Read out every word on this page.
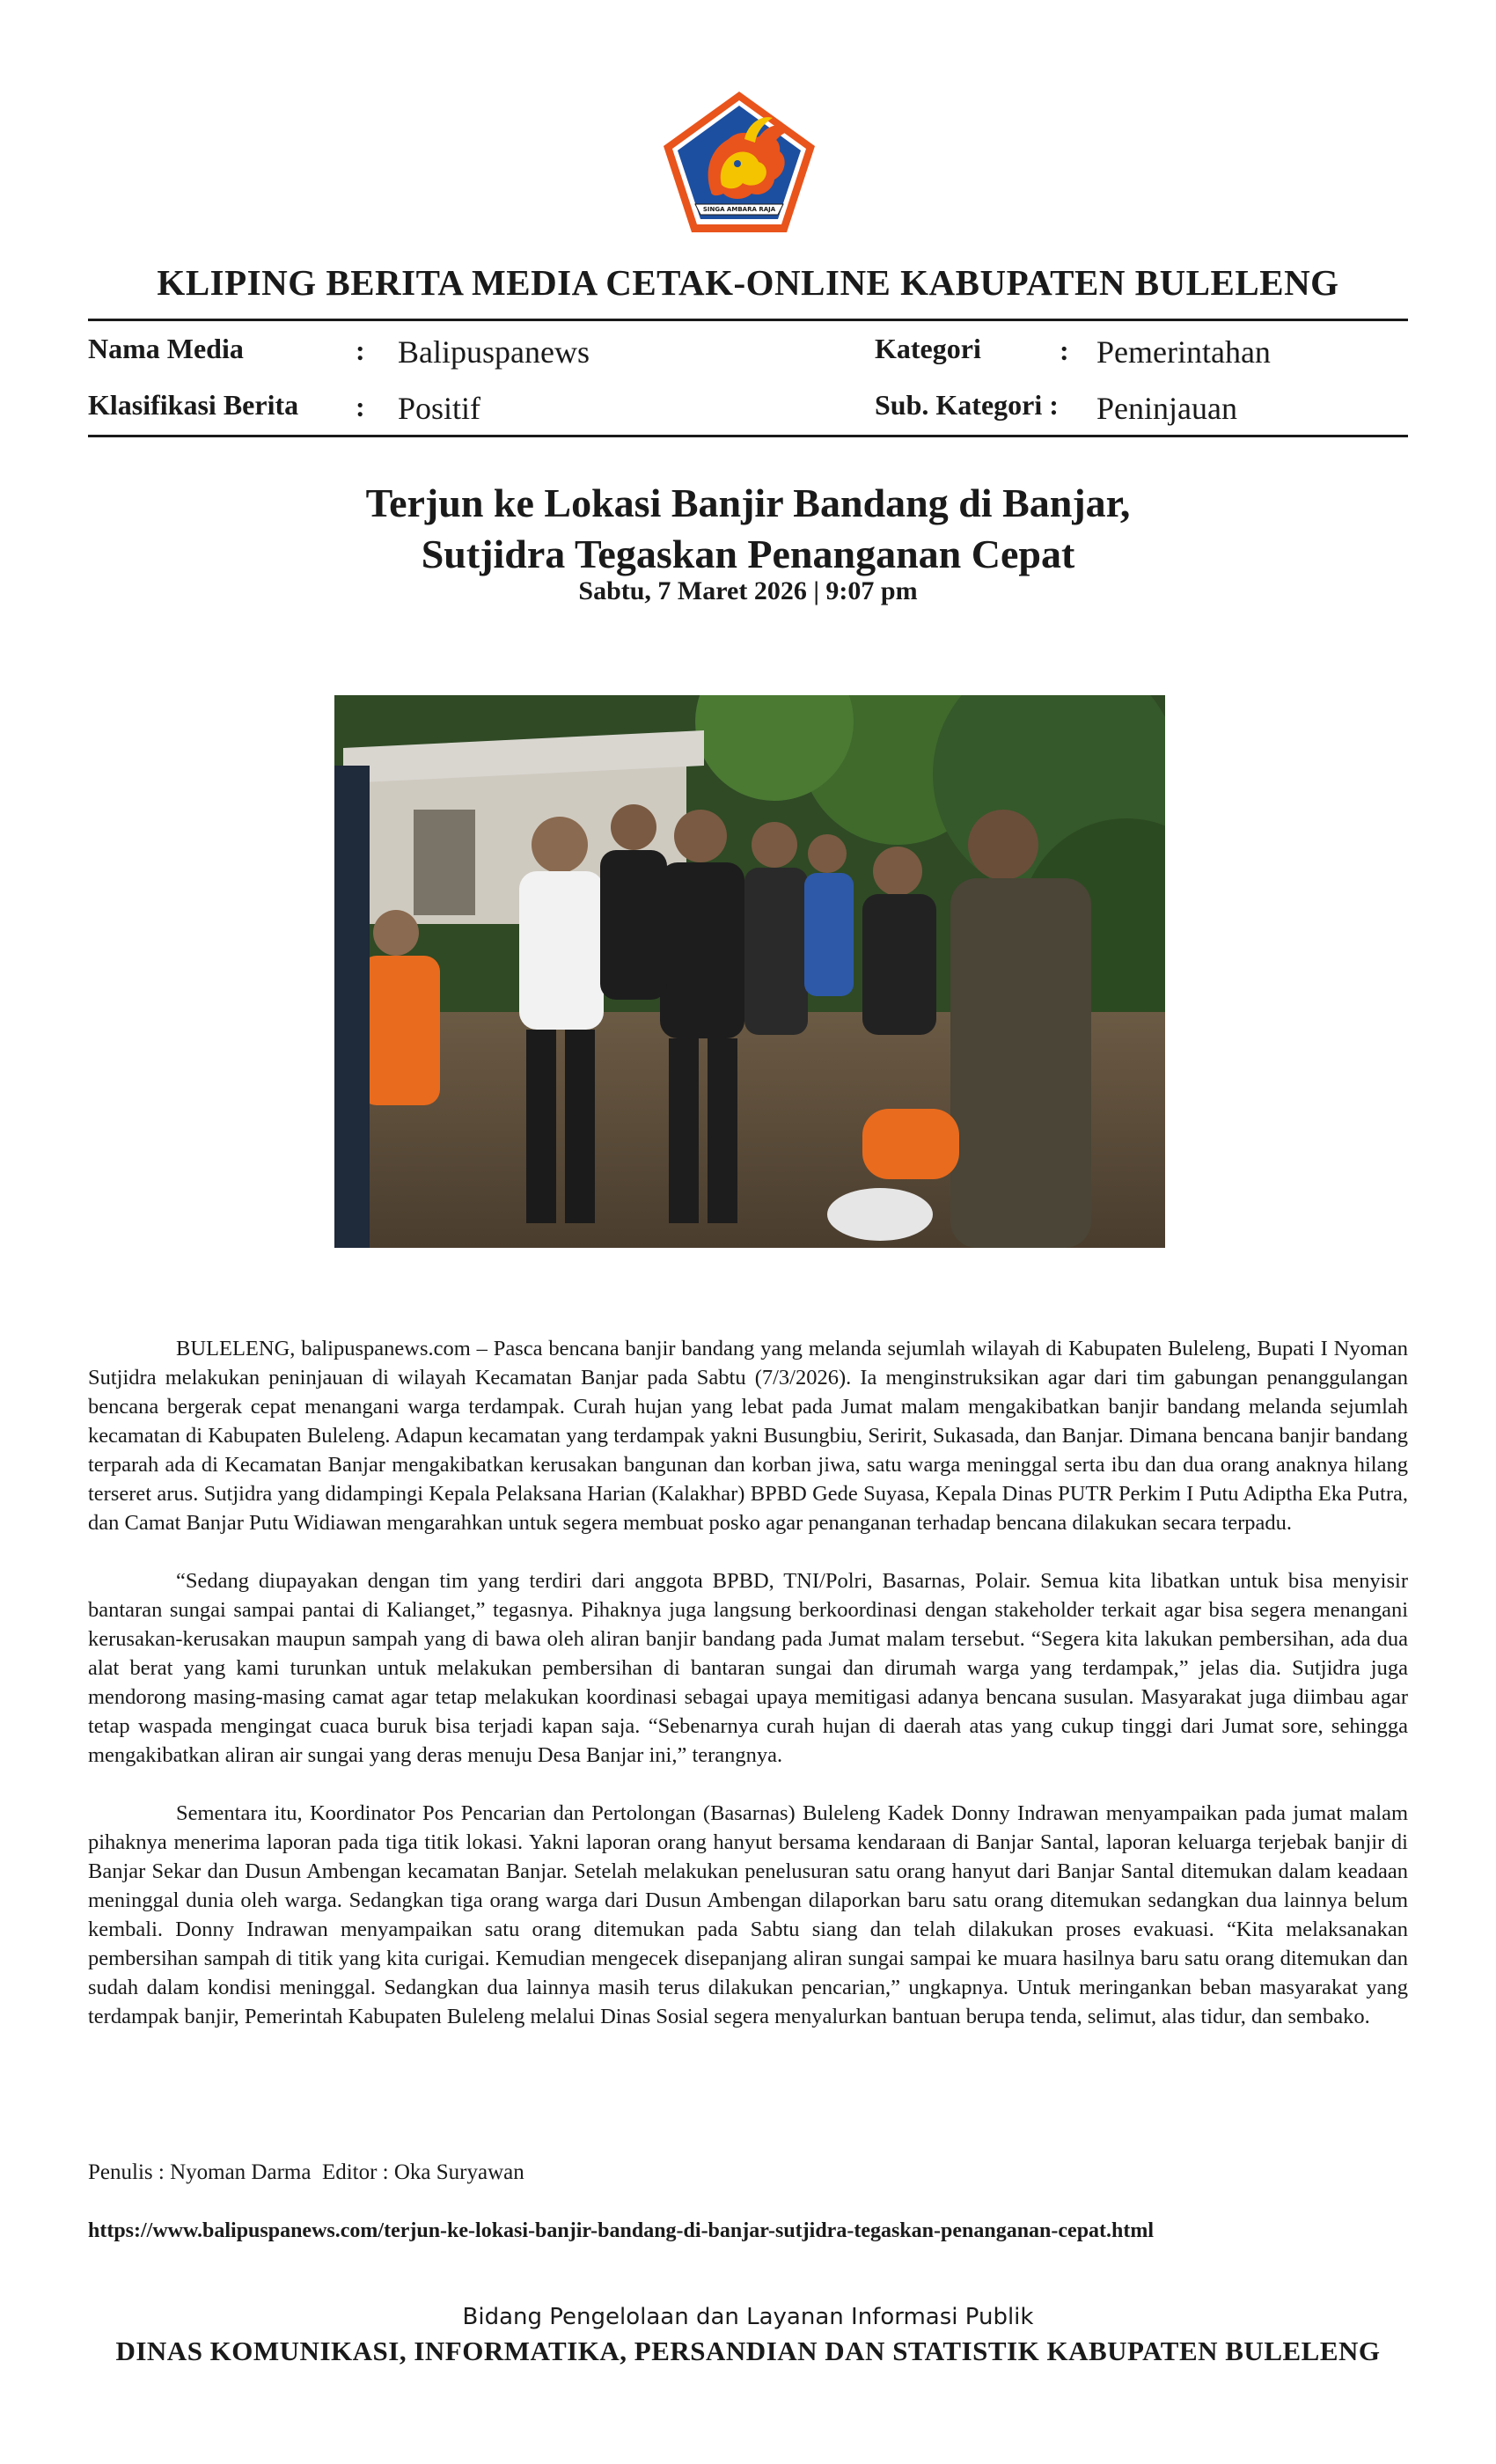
SINGA AMBARA RAJA
KLIPING BERITA MEDIA CETAK-ONLINE KABUPATEN BULELENG
Nama Media	: Balipuspanews
Klasifikasi Berita : Positif
Kategori	: Pemerintahan
Sub. Kategori : Peninjauan
Terjun ke Lokasi Banjir Bandang di Banjar,
Sutjidra Tegaskan Penanganan Cepat
Sabtu, 7 Maret 2026 | 9:07 pm

BULELENG, balipuspanews.com – Pasca bencana banjir bandang yang melanda sejumlah wilayah di Kabupaten Buleleng, Bupati I Nyoman Sutjidra melakukan peninjauan di wilayah Kecamatan Banjar pada Sabtu (7/3/2026). Ia menginstruksikan agar dari tim gabungan penanggulangan bencana bergerak cepat menangani warga terdampak. Curah hujan yang lebat pada Jumat malam mengakibatkan banjir bandang melanda sejumlah kecamatan di Kabupaten Buleleng. Adapun kecamatan yang terdampak yakni Busungbiu, Seririt, Sukasada, dan Banjar. Dimana bencana banjir bandang terparah ada di Kecamatan Banjar mengakibatkan kerusakan bangunan dan korban jiwa, satu warga meninggal serta ibu dan dua orang anaknya hilang terseret arus. Sutjidra yang didampingi Kepala Pelaksana Harian (Kalakhar) BPBD Gede Suyasa, Kepala Dinas PUTR Perkim I Putu Adiptha Eka Putra, dan Camat Banjar Putu Widiawan mengarahkan untuk segera membuat posko agar penanganan terhadap bencana dilakukan secara terpadu.

“Sedang diupayakan dengan tim yang terdiri dari anggota BPBD, TNI/Polri, Basarnas, Polair. Semua kita libatkan untuk bisa menyisir bantaran sungai sampai pantai di Kalianget,” tegasnya. Pihaknya juga langsung berkoordinasi dengan stakeholder terkait agar bisa segera menangani kerusakan-kerusakan maupun sampah yang di bawa oleh aliran banjir bandang pada Jumat malam tersebut. “Segera kita lakukan pembersihan, ada dua alat berat yang kami turunkan untuk melakukan pembersihan di bantaran sungai dan dirumah warga yang terdampak,” jelas dia. Sutjidra juga mendorong masing-masing camat agar tetap melakukan koordinasi sebagai upaya memitigasi adanya bencana susulan. Masyarakat juga diimbau agar tetap waspada mengingat cuaca buruk bisa terjadi kapan saja. “Sebenarnya curah hujan di daerah atas yang cukup tinggi dari Jumat sore, sehingga mengakibatkan aliran air sungai yang deras menuju Desa Banjar ini,” terangnya.

Sementara itu, Koordinator Pos Pencarian dan Pertolongan (Basarnas) Buleleng Kadek Donny Indrawan menyampaikan pada jumat malam pihaknya menerima laporan pada tiga titik lokasi. Yakni laporan orang hanyut bersama kendaraan di Banjar Santal, laporan keluarga terjebak banjir di Banjar Sekar dan Dusun Ambengan kecamatan Banjar. Setelah melakukan penelusuran satu orang hanyut dari Banjar Santal ditemukan dalam keadaan meninggal dunia oleh warga. Sedangkan tiga orang warga dari Dusun Ambengan dilaporkan baru satu orang ditemukan sedangkan dua lainnya belum kembali. Donny Indrawan menyampaikan satu orang ditemukan pada Sabtu siang dan telah dilakukan proses evakuasi. “Kita melaksanakan pembersihan sampah di titik yang kita curigai. Kemudian mengecek disepanjang aliran sungai sampai ke muara hasilnya baru satu orang ditemukan dan sudah dalam kondisi meninggal. Sedangkan dua lainnya masih terus dilakukan pencarian,” ungkapnya. Untuk meringankan beban masyarakat yang terdampak banjir, Pemerintah Kabupaten Buleleng melalui Dinas Sosial segera menyalurkan bantuan berupa tenda, selimut, alas tidur, dan sembako.

Penulis : Nyoman Darma Editor : Oka Suryawan
https://www.balipuspanews.com/terjun-ke-lokasi-banjir-bandang-di-banjar-sutjidra-tegaskan-penanganan-cepat.html
Bidang Pengelolaan dan Layanan Informasi Publik
DINAS KOMUNIKASI, INFORMATIKA, PERSANDIAN DAN STATISTIK KABUPATEN BULELENG
